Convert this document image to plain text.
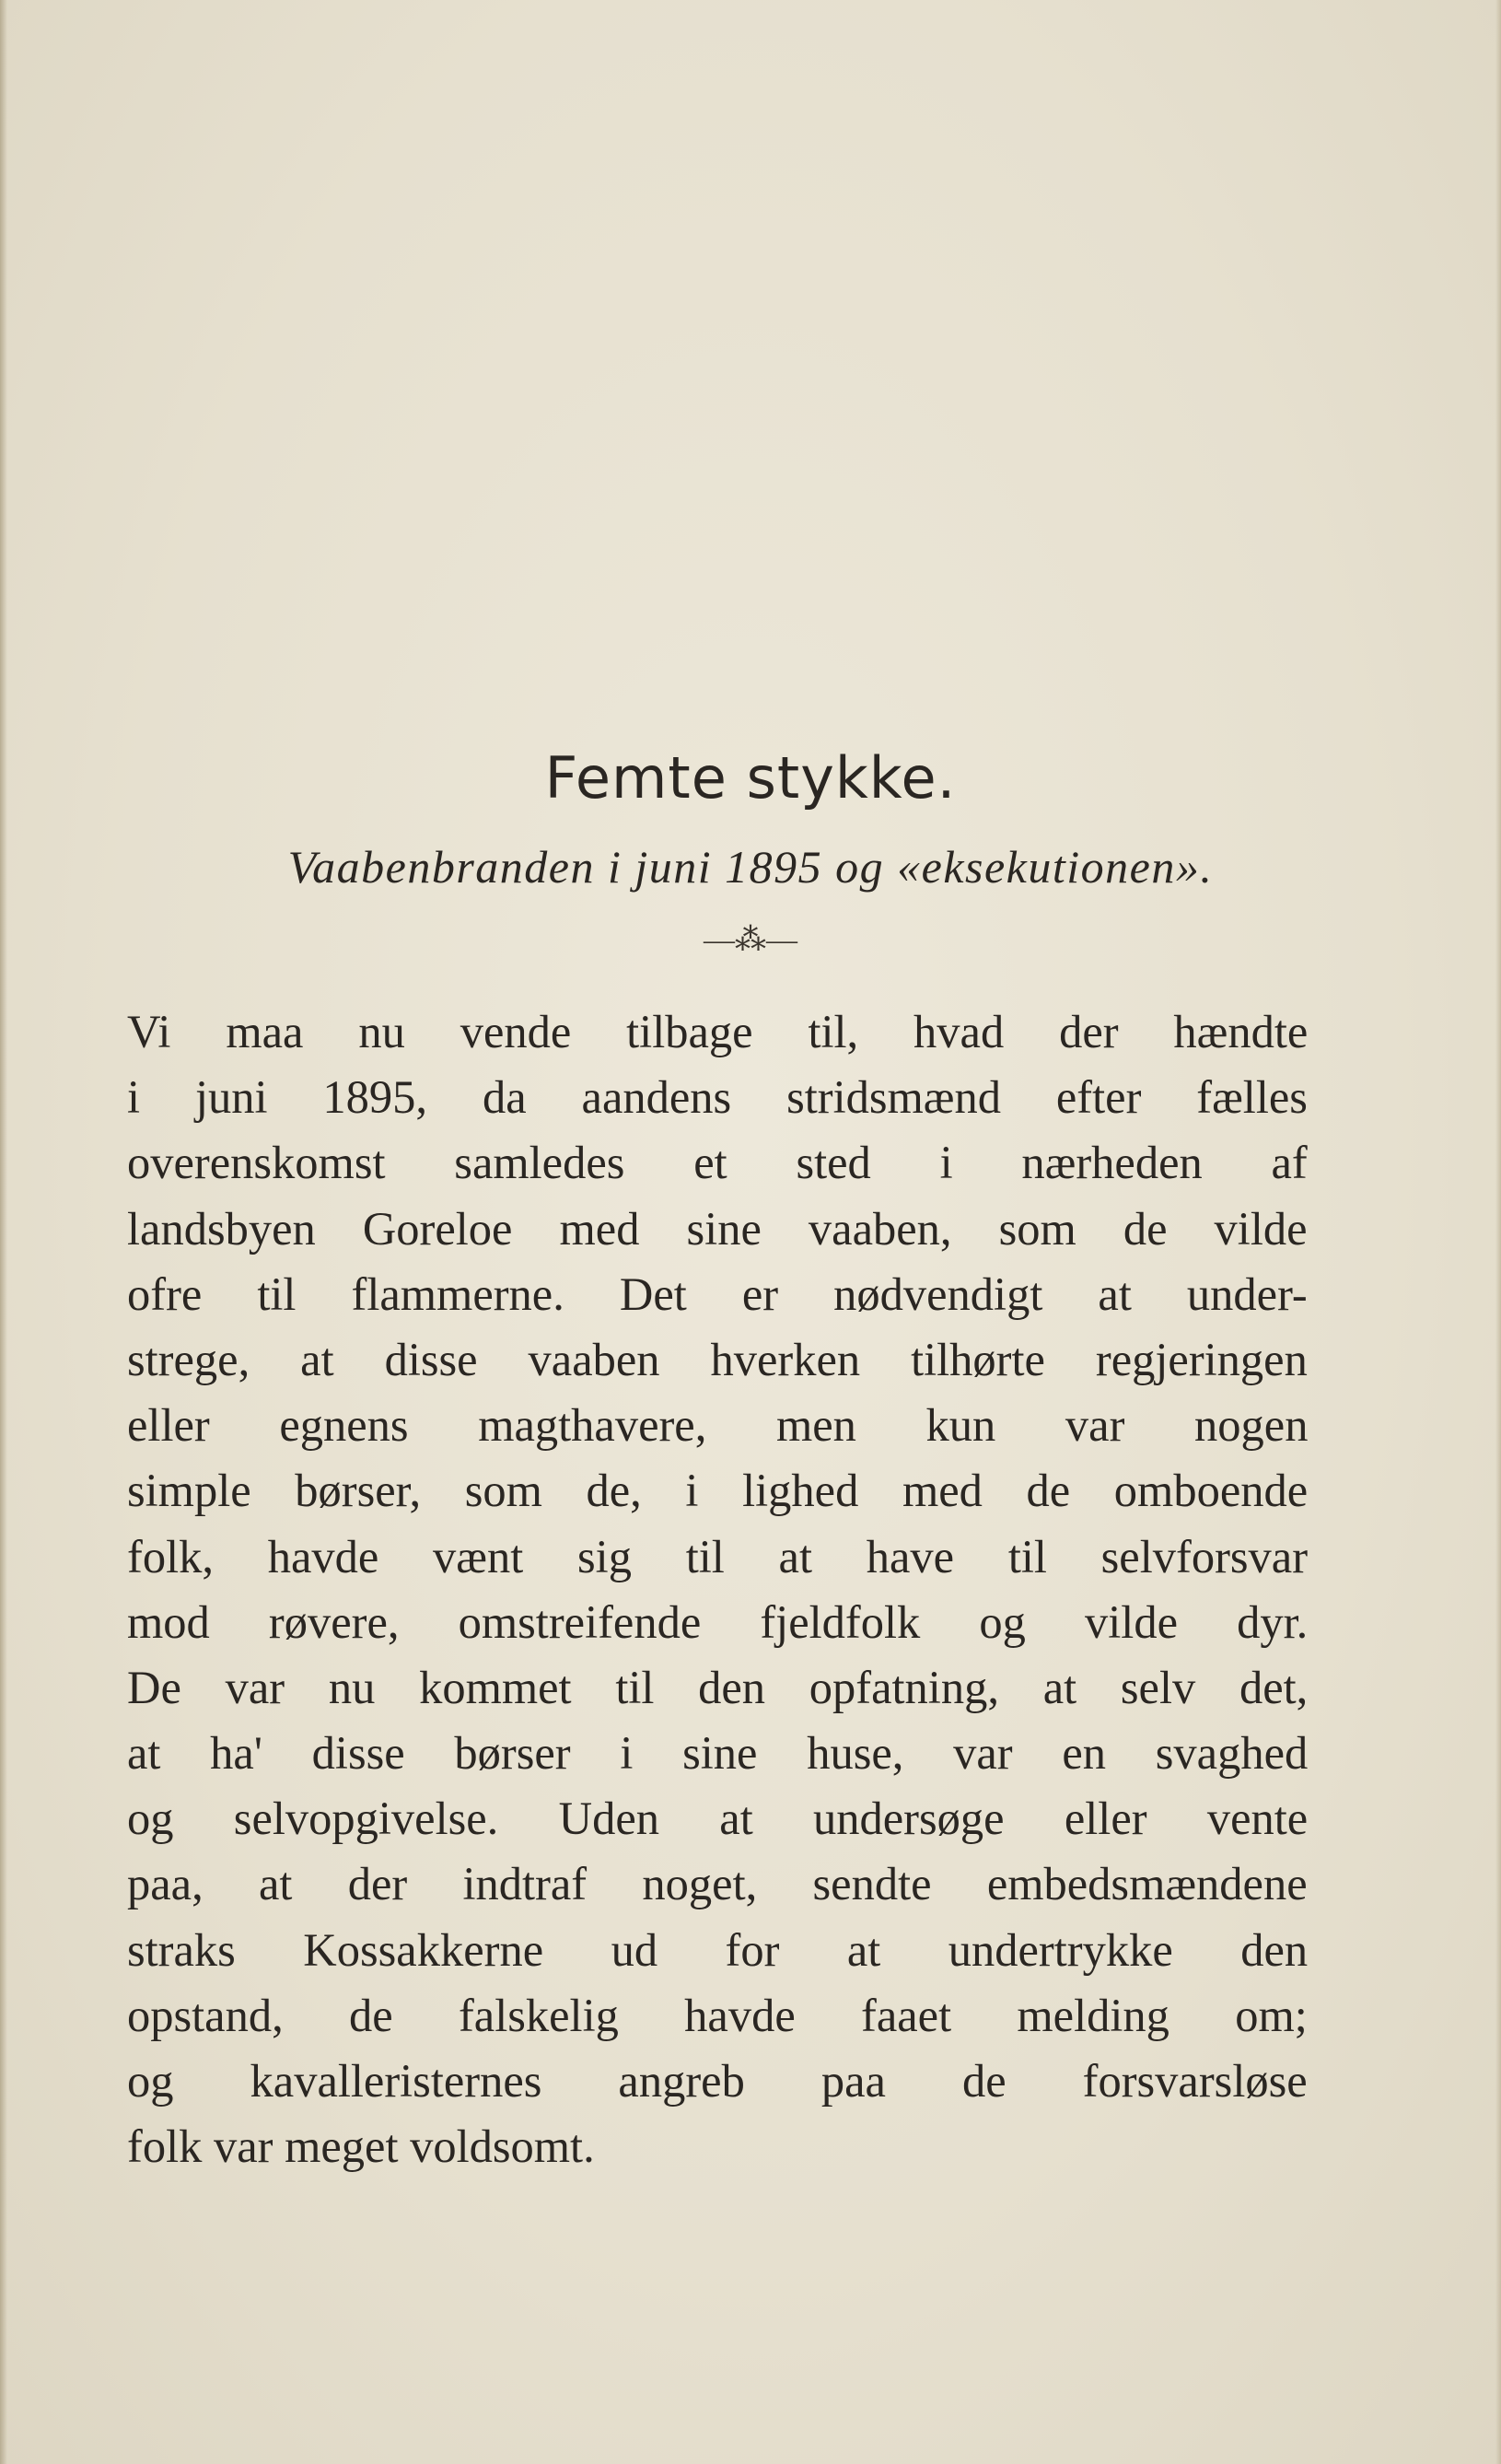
Femte stykke.
Vaabenbranden i juni 1895 og «eksekutionen».
—⁂—
Vi maa nu vende tilbage til, hvad der hændte
i juni 1895, da aandens stridsmænd efter fælles
overenskomst samledes et sted i nærheden af
landsbyen Goreloe med sine vaaben, som de vilde
ofre til flammerne. Det er nødvendigt at under-
strege, at disse vaaben hverken tilhørte regjeringen
eller egnens magthavere, men kun var nogen
simple børser, som de, i lighed med de omboende
folk, havde vænt sig til at have til selvforsvar
mod røvere, omstreifende fjeldfolk og vilde dyr.
De var nu kommet til den opfatning, at selv det,
at ha' disse børser i sine huse, var en svaghed
og selvopgivelse. Uden at undersøge eller vente
paa, at der indtraf noget, sendte embedsmændene
straks Kossakkerne ud for at undertrykke den
opstand, de falskelig havde faaet melding om;
og kavalleristernes angreb paa de forsvarsløse
folk var meget voldsomt.
